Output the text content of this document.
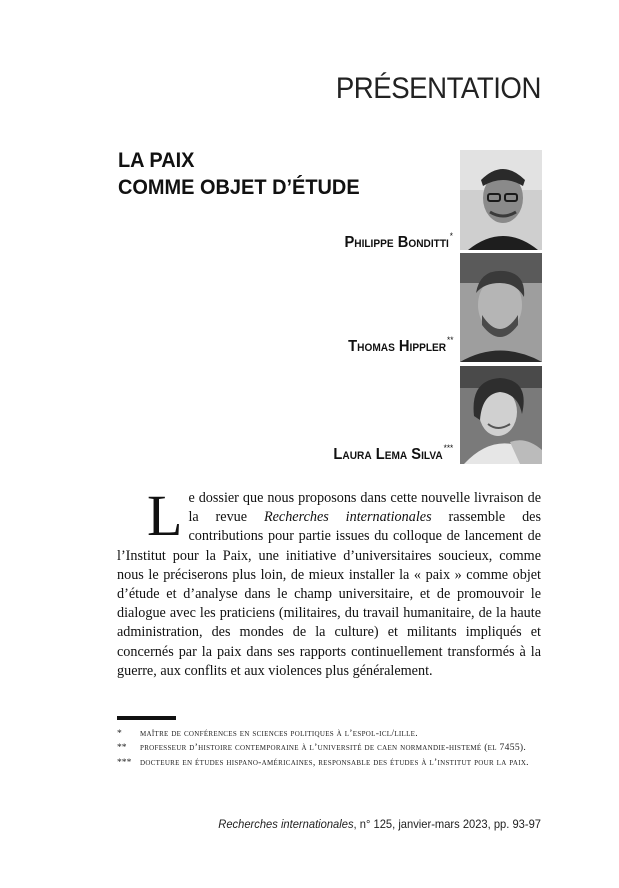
PRÉSENTATION
LA PAIX
COMME OBJET D’ÉTUDE
Philippe Bonditti*
Thomas Hippler**
Laura Lema Silva***
L e dossier que nous proposons dans cette nouvelle livraison de la revue Recherches internationales rassemble des contributions pour partie issues du colloque de lancement de l’Institut pour la Paix, une initiative d’universitaires soucieux, comme nous le préciserons plus loin, de mieux installer la « paix » comme objet d’étude et d’analyse dans le champ universitaire, et de promouvoir le dialogue avec les praticiens (militaires, du travail humanitaire, de la haute administration, des mondes de la culture) et militants impliqués et concernés par la paix dans ses rapports continuellement transformés à la guerre, aux conflits et aux violences plus généralement.

* maître de conférences en sciences politiques à l’espol-icl/lille.
** professeur d’histoire contemporaine à l’université de caen normandie-histemé (el 7455).
*** docteure en études hispano-américaines, responsable des études à l’institut pour la paix.
Recherches internationales, n° 125, janvier-mars 2023, pp. 93-97
